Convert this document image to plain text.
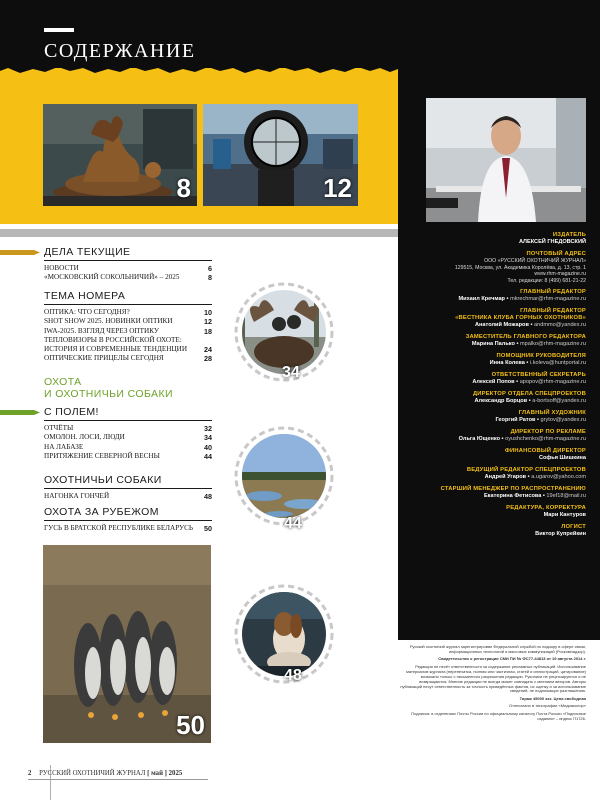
СОДЕРЖАНИЕ
8	12
34
44
48
50
ДЕЛА ТЕКУЩИЕ
НОВОСТИ	6
«МОСКОВСКИЙ СОКОЛЬНИЧИЙ» – 2025	8
ТЕМА НОМЕРА
ОПТИКА: ЧТО СЕГОДНЯ?	10
SHOT SHOW 2025. НОВИНКИ ОПТИКИ	12
IWA-2025. ВЗГЛЯД ЧЕРЕЗ ОПТИКУ	18
ТЕПЛОВИЗОРЫ В РОССИЙСКОЙ ОХОТЕ:
ИСТОРИЯ И СОВРЕМЕННЫЕ ТЕНДЕНЦИИ 24
ОПТИЧЕСКИЕ ПРИЦЕЛЫ СЕГОДНЯ	28
ОХОТА
И ОХОТНИЧЬИ СОБАКИ
С ПОЛЕМ!
ОТЧЁТЫ	32
ОМОЛОН. ЛОСИ, ЛЮДИ	34
НА ЛАБАЗЕ	40
ПРИТЯЖЕНИЕ СЕВЕРНОЙ ВЕСНЫ	44
ОХОТНИЧЬИ СОБАКИ
НАГОНКА ГОНЧЕЙ	48
ОХОТА ЗА РУБЕЖОМ
ГУСЬ В БРАТСКОЙ РЕСПУБЛИКЕ БЕЛАРУСЬ 50
ИЗДАТЕЛЬ
АЛЕКСЕЙ ГНЕДОВСКИЙ
ПОЧТОВЫЙ АДРЕС
ООО «РУССКИЙ ОХОТНИЧИЙ ЖУРНАЛ»
129515, Москва, ул. Академика Королёва, д. 13, стр. 1
www.rhm-magazine.ru
Тел. редакции: 8 (499) 681-21-22
ГЛАВНЫЙ РЕДАКТОР
Михаил Кречмар • mkrechmar@rhm-magazine.ru
ГЛАВНЫЙ РЕДАКТОР
«ВЕСТНИКА КЛУБА ГОРНЫХ ОХОТНИКОВ»
Анатолий Можаров • andmmo@yandex.ru
ЗАМЕСТИТЕЛЬ ГЛАВНОГО РЕДАКТОРА
Марина Палько • mpalko@rhm-magazine.ru
ПОМОЩНИК РУКОВОДИТЕЛЯ
Инна Колева • i.koleva@huntportal.ru
ОТВЕТСТВЕННЫЙ СЕКРЕТАРЬ
Алексей Попов • apopov@rhm-magazine.ru
ДИРЕКТОР ОТДЕЛА СПЕЦПРОЕКТОВ
Александр Борцов • a-bortsoff@yandex.ru
ГЛАВНЫЙ ХУДОЖНИК
Георгий Ратов • grytov@yandex.ru
ДИРЕКТОР ПО РЕКЛАМЕ
Ольга Ющенко • oyushchenko@rhm-magazine.ru
ФИНАНСОВЫЙ ДИРЕКТОР
Софья Шишкина
ВЕДУЩИЙ РЕДАКТОР СПЕЦПРОЕКТОВ
Андрей Угаров • a.ugarov@yahoo.com
СТАРШИЙ МЕНЕДЖЕР ПО РАСПРОСТРАНЕНИЮ
Екатерина Фетисова • 19ef18@mail.ru
РЕДАКТУРА, КОРРЕКТУРА
Мари Кантуров
ЛОГИСТ
Виктор Купрейкин

Русский охотничий журнал зарегистрирован Федеральной службой по надзору в сфере связи, информационных технологий и массовых коммуникаций (Роскомнадзор).

Свидетельство о регистрации СМИ ПИ № ФС77-44813 от 19 августа 2014 г.

Редакция не несёт ответственности за содержание рекламных публикаций. Использование материалов журнала (перепечатка, полная или частичная, статей и иллюстраций, цитирование) возможно только с письменного разрешения редакции. Рукописи не рецензируются и не возвращаются. Мнение редакции не всегда может совпадать с мнением авторов. Авторы публикаций несут ответственность за точность приведённых фактов, их оценку и за использование сведений, не подлежащих разглашению.

Тираж 45000 экз. Цена свободная

Отпечатано в типографии «Медиаколор»

Подписка: в отделениях Почты России по официальному каталогу Почта России «Подписные издания» – индекс П1726.

2 РУССКИЙ ОХОТНИЧИЙ ЖУРНАЛ [ май ] 2025
